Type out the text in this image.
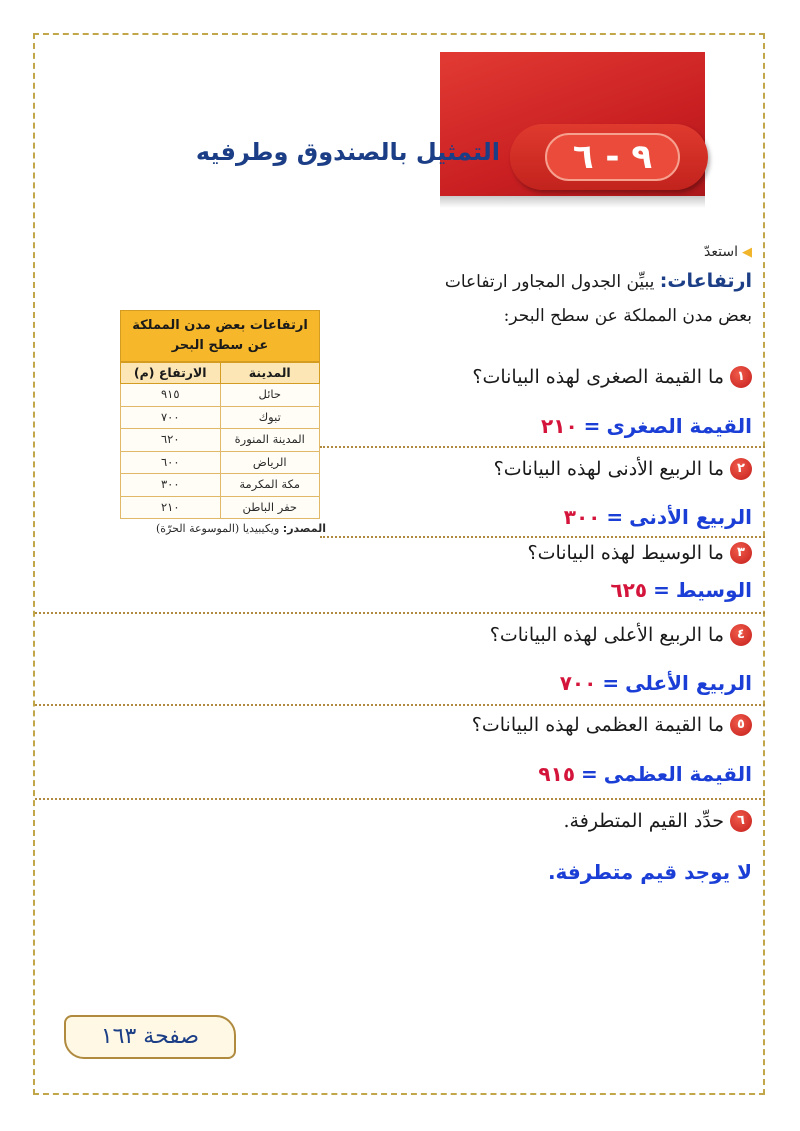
٩ - ٦
التمثيل بالصندوق وطرفيه
◀استعدّ
ارتفاعات: يبيِّن الجدول المجاور ارتفاعات
بعض مدن المملكة عن سطح البحر:
ارتفاعات بعض مدن المملكة
عن سطح البحر
المدينة
الارتفاع (م)
حائل
٩١٥
تبوك
٧٠٠
المدينة المنورة
٦٢٠
الرياض
٦٠٠
مكة المكرمة
٣٠٠
حفر الباطن
٢١٠
المصدر: ويكيبيديا (الموسوعة الحرّة)
١
ما القيمة الصغرى لهذه البيانات؟
القيمة الصغرى=٢١٠
٢
ما الربيع الأدنى لهذه البيانات؟
الربيع الأدنى=٣٠٠
٣
ما الوسيط لهذه البيانات؟
الوسيط=٦٢٥
٤
ما الربيع الأعلى لهذه البيانات؟
الربيع الأعلى=٧٠٠
٥
ما القيمة العظمى لهذه البيانات؟
القيمة العظمى=٩١٥
٦
حدِّد القيم المتطرفة.
لا يوجد قيم متطرفة.
صفحة ١٦٣
